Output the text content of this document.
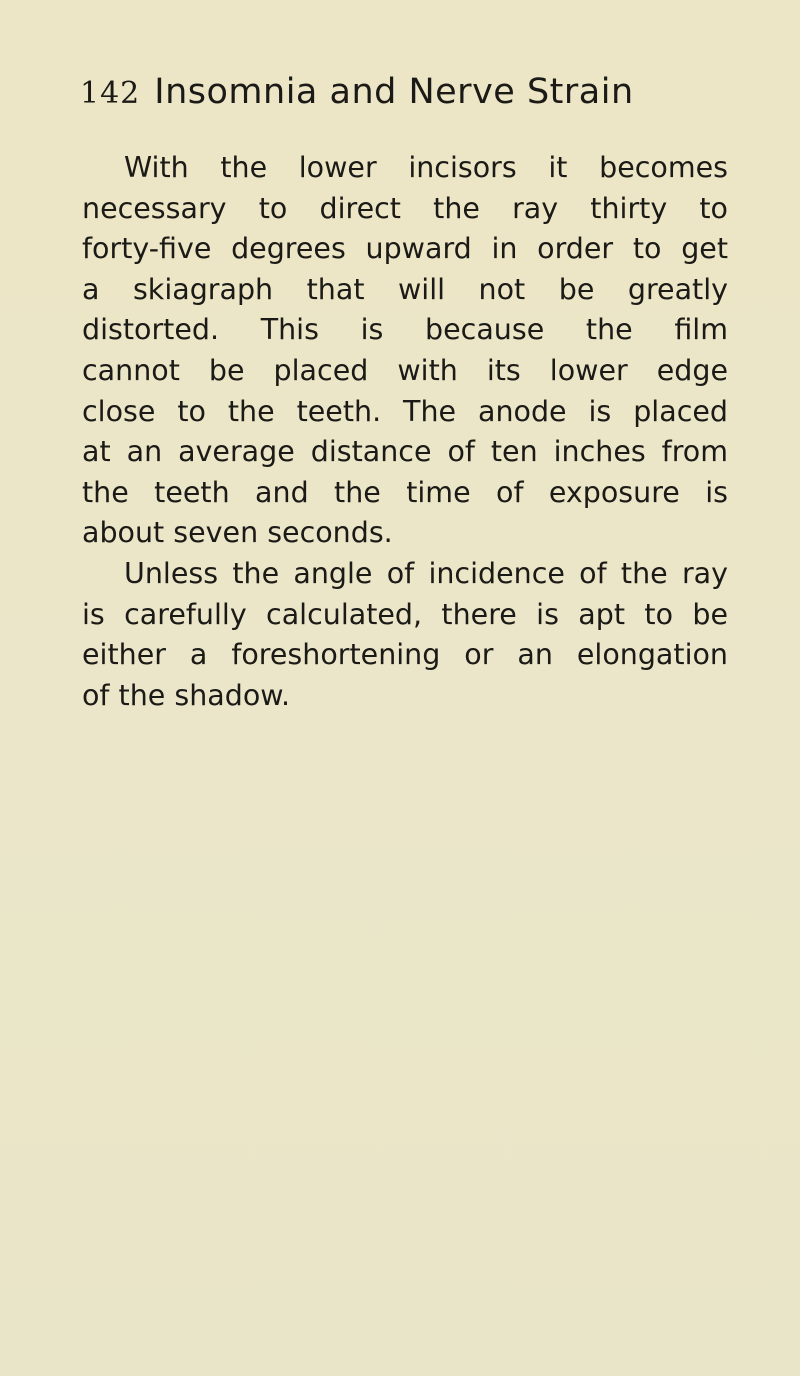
142 Insomnia and Nerve Strain
With the lower incisors it becomes
necessary to direct the ray thirty to
forty-five degrees upward in order to get
a skiagraph that will not be greatly
distorted. This is because the film
cannot be placed with its lower edge
close to the teeth. The anode is placed
at an average distance of ten inches from
the teeth and the time of exposure is
about seven seconds.
Unless the angle of incidence of the ray
is carefully calculated, there is apt to be
either a foreshortening or an elongation
of the shadow.
